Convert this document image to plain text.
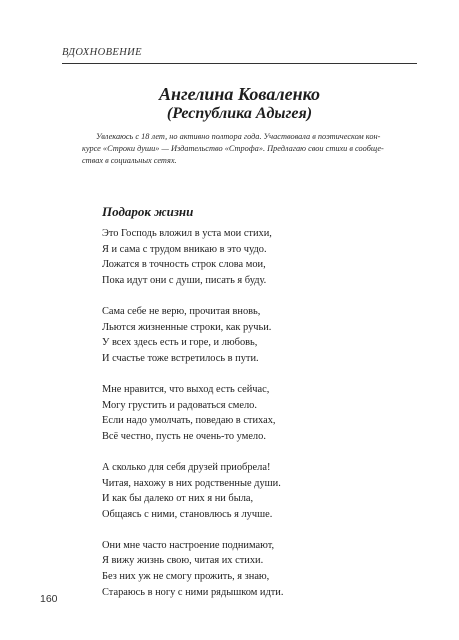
ВДОХНОВЕНИЕ
Ангелина Коваленко
(Республика Адыгея)

Увлекаюсь с 18 лет, но активно полтора года. Участвовала в поэтическом кон-
курсе «Строки души» — Издательство «Строфа». Предлагаю свои стихи в сообще-
ствах в социальных сетях.

Подарок жизни

Это Господь вложил в уста мои стихи,
Я и сама с трудом вникаю в это чудо.
Ложатся в точность строк слова мои,
Пока идут они с души, писать я буду.

Сама себе не верю, прочитая вновь,
Льются жизненные строки, как ручьи.
У всех здесь есть и горе, и любовь,
И счастье тоже встретилось в пути.

Мне нравится, что выход есть сейчас,
Могу грустить и радоваться смело.
Если надо умолчать, поведаю в стихах,
Всё честно, пусть не очень-то умело.

А сколько для себя друзей приобрела!
Читая, нахожу в них родственные души.
И как бы далеко от них я ни была,
Общаясь с ними, становлюсь я лучше.

Они мне часто настроение поднимают,
Я вижу жизнь свою, читая их стихи.
Без них уж не смогу прожить, я знаю,
Стараюсь в ногу с ними рядышком идти.

160
